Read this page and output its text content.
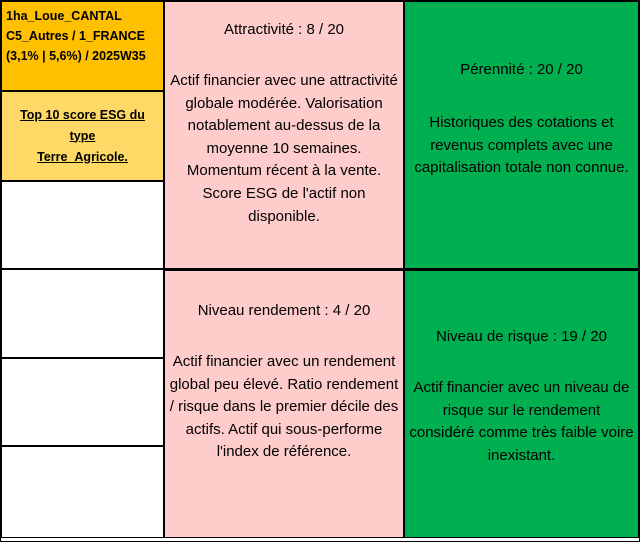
1ha_Loue_CANTAL
C5_Autres / 1_FRANCE
(3,1% | 5,6%) / 2025W35
Top 10 score ESG du type
Terre_Agricole.
Attractivité : 8 / 20
Actif financier avec une attractivité globale modérée. Valorisation notablement au-dessus de la moyenne 10 semaines. Momentum récent à la vente. Score ESG de l'actif non disponible.
Pérennité : 20 / 20
Historiques des cotations et revenus complets avec une capitalisation totale non connue.
Niveau rendement : 4 / 20
Actif financier avec un rendement global peu élevé. Ratio rendement / risque dans le premier décile des actifs. Actif qui sous-performe l'index de référence.
Niveau de risque : 19 / 20
Actif financier avec un niveau de risque sur le rendement considéré comme très faible voire inexistant.
